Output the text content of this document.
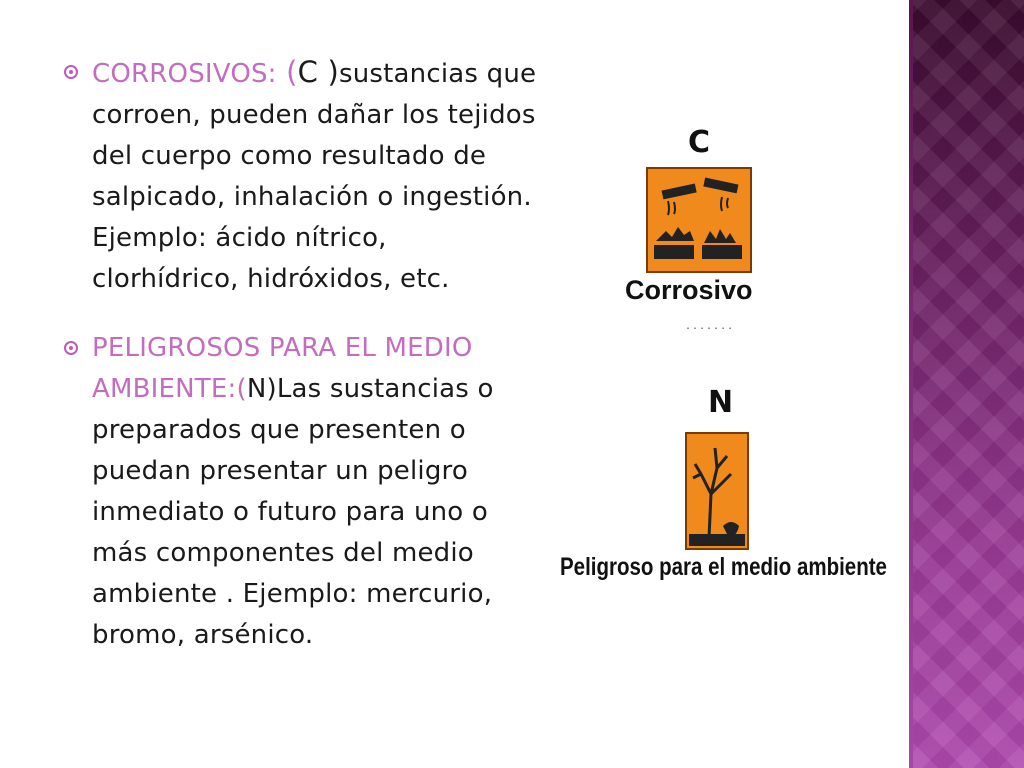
CORROSIVOS: (C )sustancias que corroen, pueden dañar los tejidos del cuerpo como resultado de salpicado, inhalación o ingestión. Ejemplo: ácido nítrico,
clorhídrico, hidróxidos, etc.

PELIGROSOS PARA EL MEDIO AMBIENTE:(N)Las sustancias o preparados que presenten o puedan presentar un peligro inmediato o futuro para uno o más componentes del medio ambiente . Ejemplo: mercurio, bromo, arsénico.

C
Corrosivo
.......
N
Peligroso para el medio ambiente
